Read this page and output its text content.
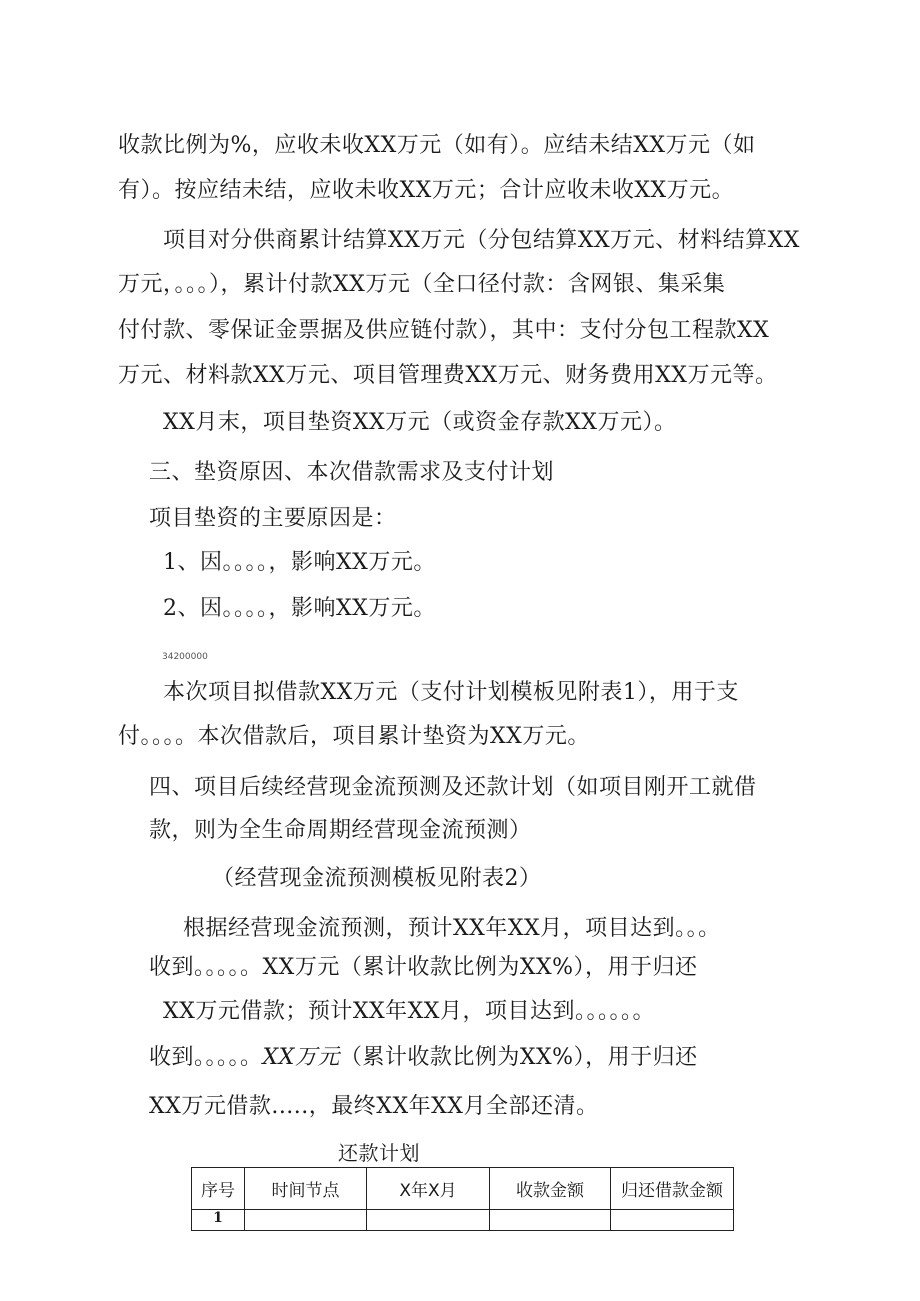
收款比例为%，应收未收XX万元（如有）。应结未结XX万元（如
有）。按应结未结，应收未收XX万元；合计应收未收XX万元。
项目对分供商累计结算XX万元（分包结算XX万元、材料结算XX
万元，。。。），累计付款XX万元（全口径付款：含网银、集采集
付付款、零保证金票据及供应链付款），其中：支付分包工程款XX
万元、材料款XX万元、项目管理费XX万元、财务费用XX万元等。
XX月末，项目垫资XX万元（或资金存款XX万元）。
三、垫资原因、本次借款需求及支付计划
项目垫资的主要原因是：
1、因。。。。，影响XX万元。
2、因。。。。，影响XX万元。
34200000
本次项目拟借款XX万元（支付计划模板见附表1），用于支
付。。。。本次借款后，项目累计垫资为XX万元。
四、项目后续经营现金流预测及还款计划（如项目刚开工就借
款，则为全生命周期经营现金流预测）
（经营现金流预测模板见附表2）
根据经营现金流预测，预计XX年XX月，项目达到。。。
收到。。。。。XX万元（累计收款比例为XX%），用于归还
XX万元借款；预计XX年XX月，项目达到。。。。。。
收到。。。。。XX万元（累计收款比例为XX%），用于归还
XX万元借款.....，最终XX年XX月全部还清。
还款计划
序号	时间节点	X年X月	收款金额	归还借款金额
1				
